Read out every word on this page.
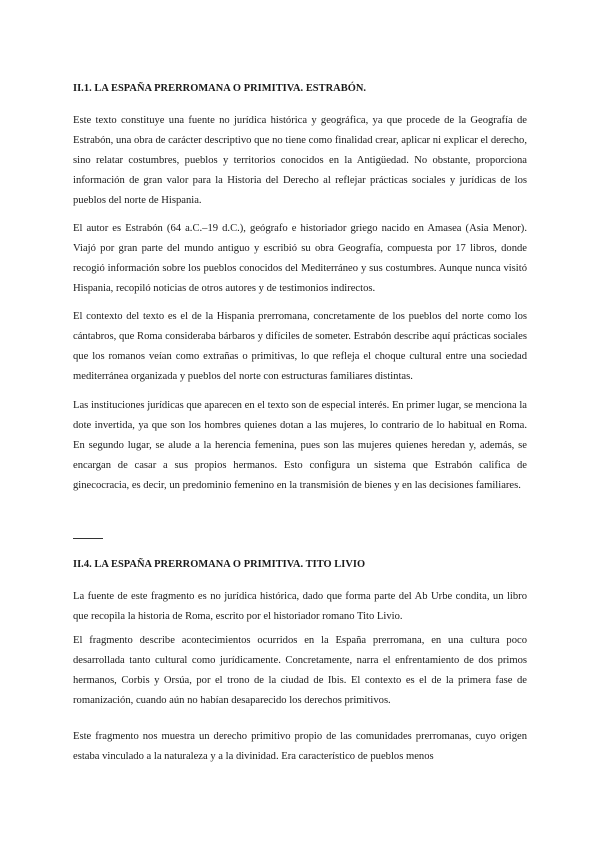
II.1. LA ESPAÑA PRERROMANA O PRIMITIVA. ESTRABÓN.

Este texto constituye una fuente no jurídica histórica y geográfica, ya que procede de la Geografía de Estrabón, una obra de carácter descriptivo que no tiene como finalidad crear, aplicar ni explicar el derecho, sino relatar costumbres, pueblos y territorios conocidos en la Antigüedad. No obstante, proporciona información de gran valor para la Historia del Derecho al reflejar prácticas sociales y jurídicas de los pueblos del norte de Hispania.

El autor es Estrabón (64 a.C.–19 d.C.), geógrafo e historiador griego nacido en Amasea (Asia Menor). Viajó por gran parte del mundo antiguo y escribió su obra Geografía, compuesta por 17 libros, donde recogió información sobre los pueblos conocidos del Mediterráneo y sus costumbres. Aunque nunca visitó Hispania, recopiló noticias de otros autores y de testimonios indirectos.

El contexto del texto es el de la Hispania prerromana, concretamente de los pueblos del norte como los cántabros, que Roma consideraba bárbaros y difíciles de someter. Estrabón describe aquí prácticas sociales que los romanos veían como extrañas o primitivas, lo que refleja el choque cultural entre una sociedad mediterránea organizada y pueblos del norte con estructuras familiares distintas.

Las instituciones jurídicas que aparecen en el texto son de especial interés. En primer lugar, se menciona la dote invertida, ya que son los hombres quienes dotan a las mujeres, lo contrario de lo habitual en Roma. En segundo lugar, se alude a la herencia femenina, pues son las mujeres quienes heredan y, además, se encargan de casar a sus propios hermanos. Esto configura un sistema que Estrabón califica de ginecocracia, es decir, un predominio femenino en la transmisión de bienes y en las decisiones familiares.

II.4. LA ESPAÑA PRERROMANA O PRIMITIVA. TITO LIVIO

La fuente de este fragmento es no jurídica histórica, dado que forma parte del Ab Urbe condita, un libro que recopila la historia de Roma, escrito por el historiador romano Tito Livio.

El fragmento describe acontecimientos ocurridos en la España prerromana, en una cultura poco desarrollada tanto cultural como jurídicamente. Concretamente, narra el enfrentamiento de dos primos hermanos, Corbis y Orsúa, por el trono de la ciudad de Ibis. El contexto es el de la primera fase de romanización, cuando aún no habían desaparecido los derechos primitivos.

Este fragmento nos muestra un derecho primitivo propio de las comunidades prerromanas, cuyo origen estaba vinculado a la naturaleza y a la divinidad. Era característico de pueblos menos
